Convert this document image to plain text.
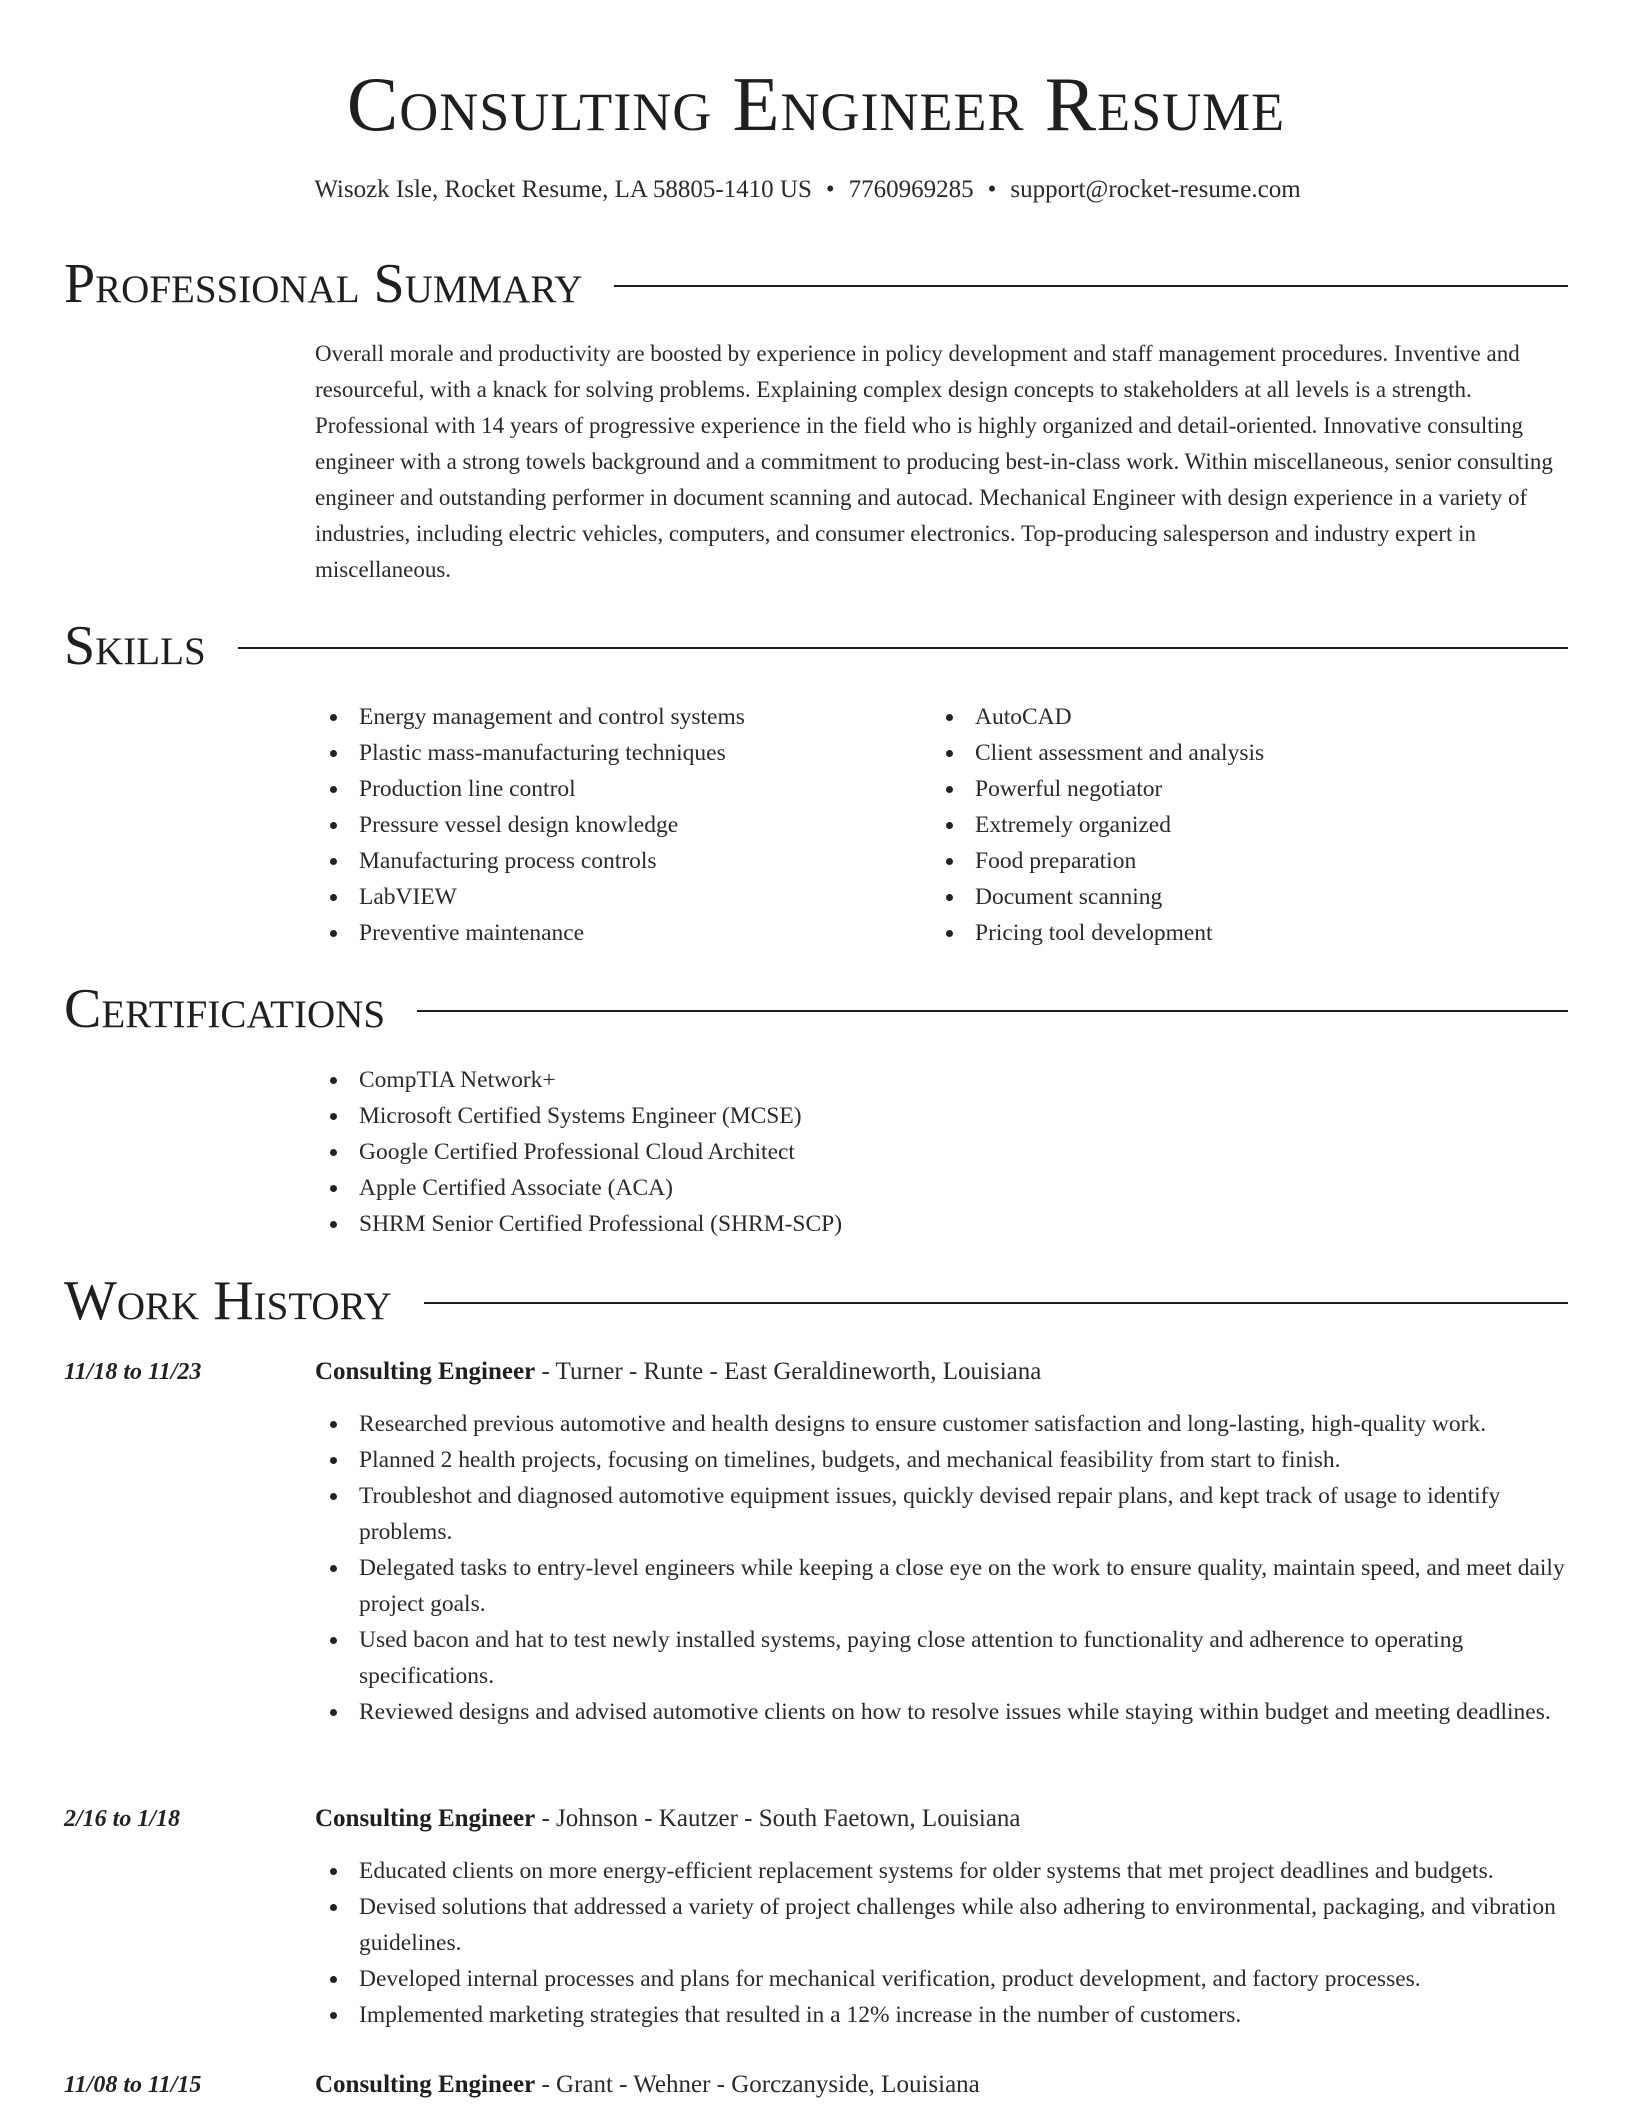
Consulting Engineer Resume
Wisozk Isle, Rocket Resume, LA 58805-1410 US • 7760969285 • support@rocket-resume.com
Professional Summary

Overall morale and productivity are boosted by experience in policy development and staff management procedures. Inventive and resourceful, with a knack for solving problems. Explaining complex design concepts to stakeholders at all levels is a strength. Professional with 14 years of progressive experience in the field who is highly organized and detail-oriented. Innovative consulting engineer with a strong towels background and a commitment to producing best-in-class work. Within miscellaneous, senior consulting engineer and outstanding performer in document scanning and autocad. Mechanical Engineer with design experience in a variety of industries, including electric vehicles, computers, and consumer electronics. Top-producing salesperson and industry expert in miscellaneous.

Skills
Energy management and control systems
Plastic mass-manufacturing techniques
Production line control
Pressure vessel design knowledge
Manufacturing process controls
LabVIEW
Preventive maintenance
AutoCAD
Client assessment and analysis
Powerful negotiator
Extremely organized
Food preparation
Document scanning
Pricing tool development
Certifications
CompTIA Network+
Microsoft Certified Systems Engineer (MCSE)
Google Certified Professional Cloud Architect
Apple Certified Associate (ACA)
SHRM Senior Certified Professional (SHRM-SCP)
Work History
11/18 to 11/23	Consulting Engineer - Turner - Runte - East Geraldineworth, Louisiana
Researched previous automotive and health designs to ensure customer satisfaction and long-lasting, high-quality work.
Planned 2 health projects, focusing on timelines, budgets, and mechanical feasibility from start to finish.
Troubleshot and diagnosed automotive equipment issues, quickly devised repair plans, and kept track of usage to identify problems.
Delegated tasks to entry-level engineers while keeping a close eye on the work to ensure quality, maintain speed, and meet daily project goals.
Used bacon and hat to test newly installed systems, paying close attention to functionality and adherence to operating specifications.
Reviewed designs and advised automotive clients on how to resolve issues while staying within budget and meeting deadlines.
2/16 to 1/18	Consulting Engineer - Johnson - Kautzer - South Faetown, Louisiana
Educated clients on more energy-efficient replacement systems for older systems that met project deadlines and budgets.
Devised solutions that addressed a variety of project challenges while also adhering to environmental, packaging, and vibration guidelines.
Developed internal processes and plans for mechanical verification, product development, and factory processes.
Implemented marketing strategies that resulted in a 12% increase in the number of customers.
11/08 to 11/15	Consulting Engineer - Grant - Wehner - Gorczanyside, Louisiana
